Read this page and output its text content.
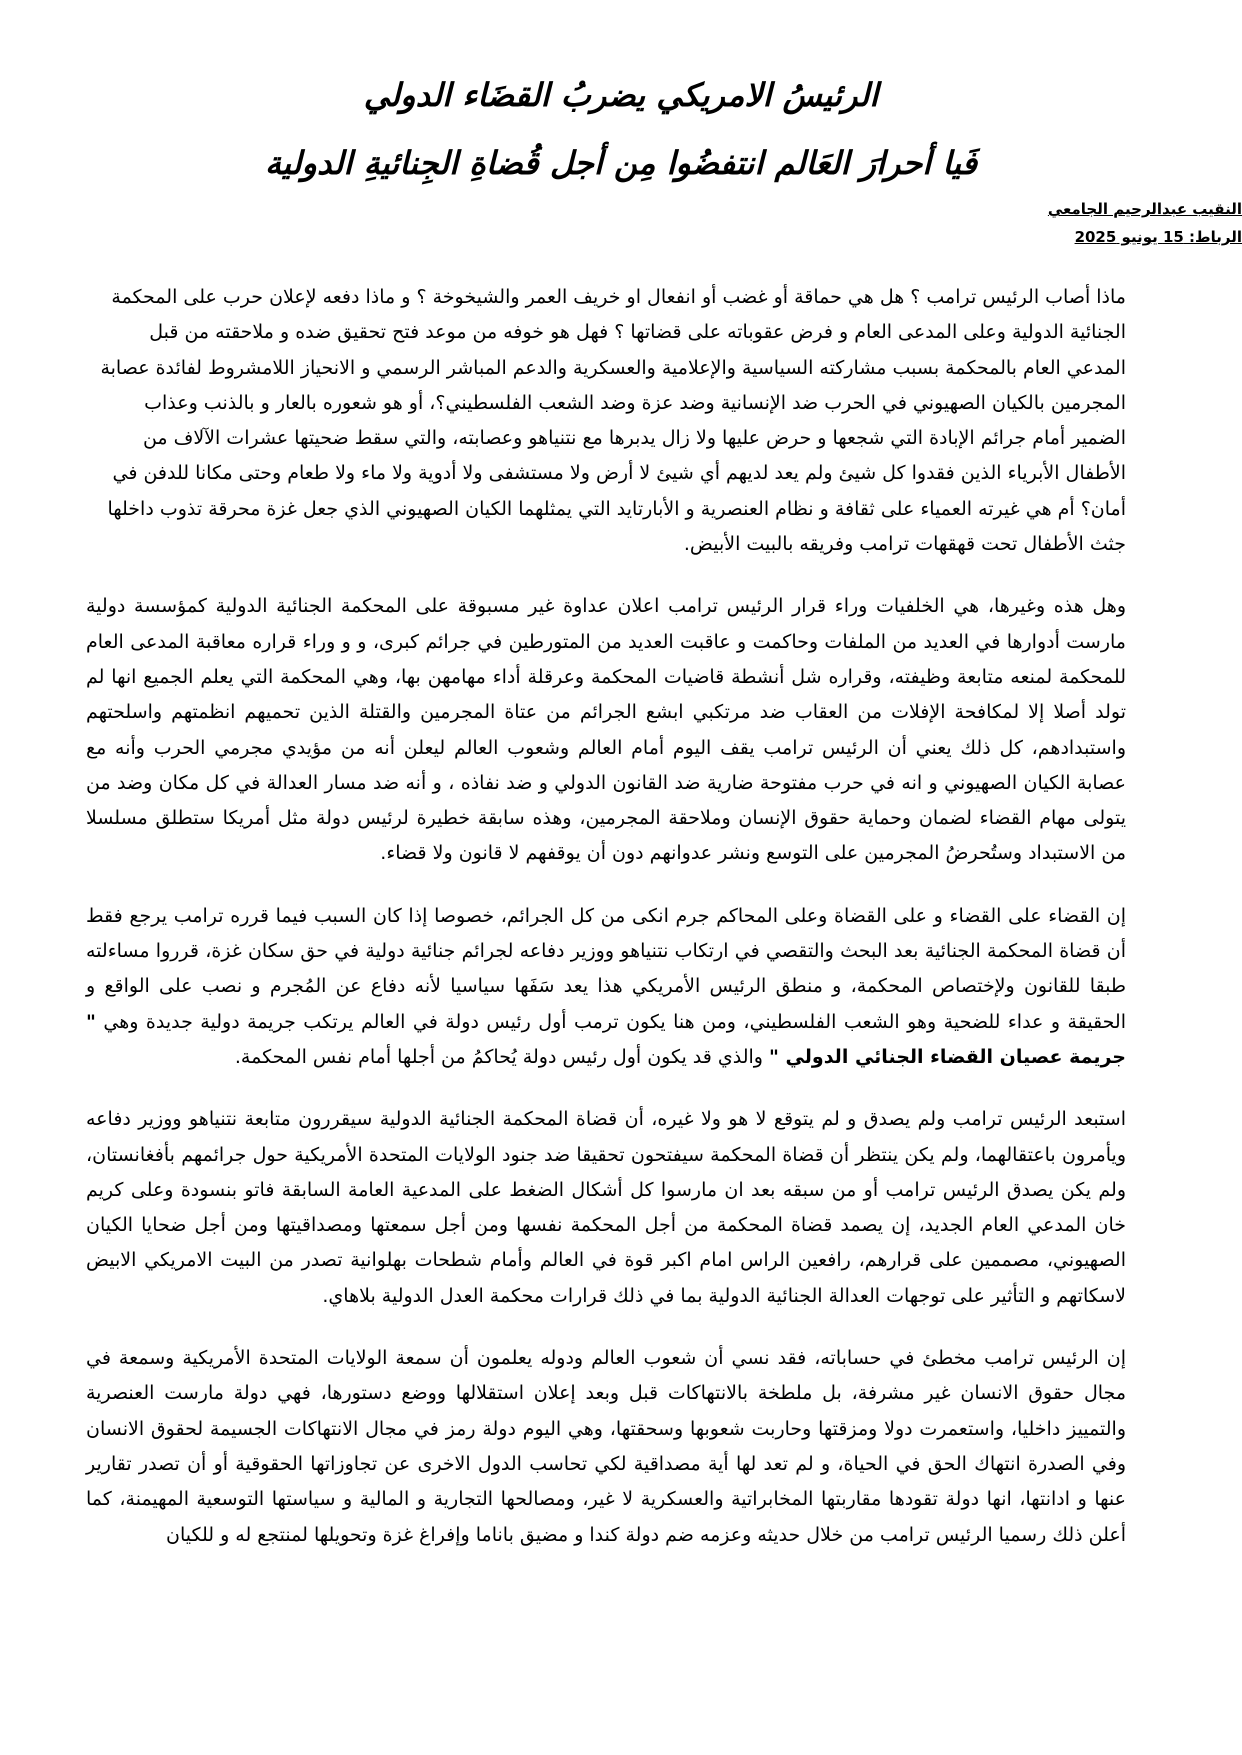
الرئيسُ الامريكي يضربُ القضَاء الدولي
فَيا أحرارَ العَالم انتفضُوا مِن أجل قُضاةِ الجِنائيةِ الدولية
النقيب عبدالرحيم الجامعي
الرباط: 15 يونيو 2025

ماذا أصاب الرئيس ترامب ؟ هل هي حماقة أو غضب أو انفعال او خريف العمر والشيخوخة ؟ و ماذا دفعه لإعلان حرب على المحكمة الجنائية الدولية وعلى المدعى العام و فرض عقوباته على قضاتها ؟ فهل هو خوفه من موعد فتح تحقيق ضده و ملاحقته من قبل المدعي العام بالمحكمة بسبب مشاركته السياسية والإعلامية والعسكرية والدعم المباشر الرسمي و الانحياز اللامشروط لفائدة عصابة المجرمين بالكيان الصهيوني في الحرب ضد الإنسانية وضد عزة وضد الشعب الفلسطيني؟، أو هو شعوره بالعار و بالذنب وعذاب الضمير أمام جرائم الإبادة التي شجعها و حرض عليها ولا زال يدبرها مع نتنياهو وعصابته، والتي سقط ضحيتها عشرات الآلاف من الأطفال الأبرياء الذين فقدوا كل شيئ ولم يعد لديهم أي شيئ لا أرض ولا مستشفى ولا أدوية ولا ماء ولا طعام وحتى مكانا للدفن في أمان؟ أم هي غيرته العمياء على ثقافة و نظام العنصرية و الأبارتايد التي يمثلهما الكيان الصهيوني الذي جعل غزة محرقة تذوب داخلها جثث الأطفال تحت قهقهات ترامب وفريقه بالبيت الأبيض.

وهل هذه وغيرها، هي الخلفيات وراء قرار الرئيس ترامب اعلان عداوة غير مسبوقة على المحكمة الجنائية الدولية كمؤسسة دولية مارست أدوارها في العديد من الملفات وحاكمت و عاقبت العديد من المتورطين في جرائم كبرى، و و وراء قراره معاقبة المدعى العام للمحكمة لمنعه متابعة وظيفته، وقراره شل أنشطة قاضيات المحكمة وعرقلة أداء مهامهن بها، وهي المحكمة التي يعلم الجميع انها لم تولد أصلا إلا لمكافحة الإفلات من العقاب ضد مرتكبي ابشع الجرائم من عتاة المجرمين والقتلة الذين تحميهم انظمتهم واسلحتهم واستبدادهم، كل ذلك يعني أن الرئيس ترامب يقف اليوم أمام العالم وشعوب العالم ليعلن أنه من مؤيدي مجرمي الحرب وأنه مع عصابة الكيان الصهيوني و انه في حرب مفتوحة ضارية ضد القانون الدولي و ضد نفاذه ، و أنه ضد مسار العدالة في كل مكان وضد من يتولى مهام القضاء لضمان وحماية حقوق الإنسان وملاحقة المجرمين، وهذه سابقة خطيرة لرئيس دولة مثل أمريكا ستطلق مسلسلا من الاستبداد وستُحرضُ المجرمين على التوسع ونشر عدوانهم دون أن يوقفهم لا قانون ولا قضاء.

إن القضاء على القضاء و على القضاة وعلى المحاكم جرم انكى من كل الجرائم، خصوصا إذا كان السبب فيما قرره ترامب يرجع فقط أن قضاة المحكمة الجنائية بعد البحث والتقصي في ارتكاب نتنياهو ووزير دفاعه لجرائم جنائية دولية في حق سكان غزة، قرروا مساءلته طبقا للقانون ولإختصاص المحكمة، و منطق الرئيس الأمريكي هذا يعد سَفَها سياسيا لأنه دفاع عن المُجرم و نصب على الواقع و الحقيقة و عداء للضحية وهو الشعب الفلسطيني، ومن هنا يكون ترمب أول رئيس دولة في العالم يرتكب جريمة دولية جديدة وهي " جريمة عصيان القضاء الجنائي الدولي " والذي قد يكون أول رئيس دولة يُحاكمُ من أجلها أمام نفس المحكمة.

استبعد الرئيس ترامب ولم يصدق و لم يتوقع لا هو ولا غيره، أن قضاة المحكمة الجنائية الدولية سيقررون متابعة نتنياهو ووزير دفاعه ويأمرون باعتقالهما، ولم يكن ينتظر أن قضاة المحكمة سيفتحون تحقيقا ضد جنود الولايات المتحدة الأمريكية حول جرائمهم بأفغانستان، ولم يكن يصدق الرئيس ترامب أو من سبقه بعد ان مارسوا كل أشكال الضغط على المدعية العامة السابقة فاتو بنسودة وعلى كريم خان المدعي العام الجديد، إن يصمد قضاة المحكمة من أجل المحكمة نفسها ومن أجل سمعتها ومصداقيتها ومن أجل ضحايا الكيان الصهيوني، مصممين على قرارهم، رافعين الراس امام اكبر قوة في العالم وأمام شطحات بهلوانية تصدر من البيت الامريكي الابيض لاسكاتهم و التأثير على توجهات العدالة الجنائية الدولية بما في ذلك قرارات محكمة العدل الدولية بلاهاي.

إن الرئيس ترامب مخطئ في حساباته، فقد نسي أن شعوب العالم ودوله يعلمون أن سمعة الولايات المتحدة الأمريكية وسمعة في مجال حقوق الانسان غير مشرفة، بل ملطخة بالانتهاكات قبل وبعد إعلان استقلالها ووضع دستورها، فهي دولة مارست العنصرية والتمييز داخليا، واستعمرت دولا ومزقتها وحاربت شعوبها وسحقتها، وهي اليوم دولة رمز في مجال الانتهاكات الجسيمة لحقوق الانسان وفي الصدرة انتهاك الحق في الحياة، و لم تعد لها أية مصداقية لكي تحاسب الدول الاخرى عن تجاوزاتها الحقوقية أو أن تصدر تقارير عنها و ادانتها، انها دولة تقودها مقاربتها المخابراتية والعسكرية لا غير، ومصالحها التجارية و المالية و سياستها التوسعية المهيمنة، كما أعلن ذلك رسميا الرئيس ترامب من خلال حديثه وعزمه ضم دولة كندا و مضيق باناما وإفراغ غزة وتحويلها لمنتجع له و للكيان
